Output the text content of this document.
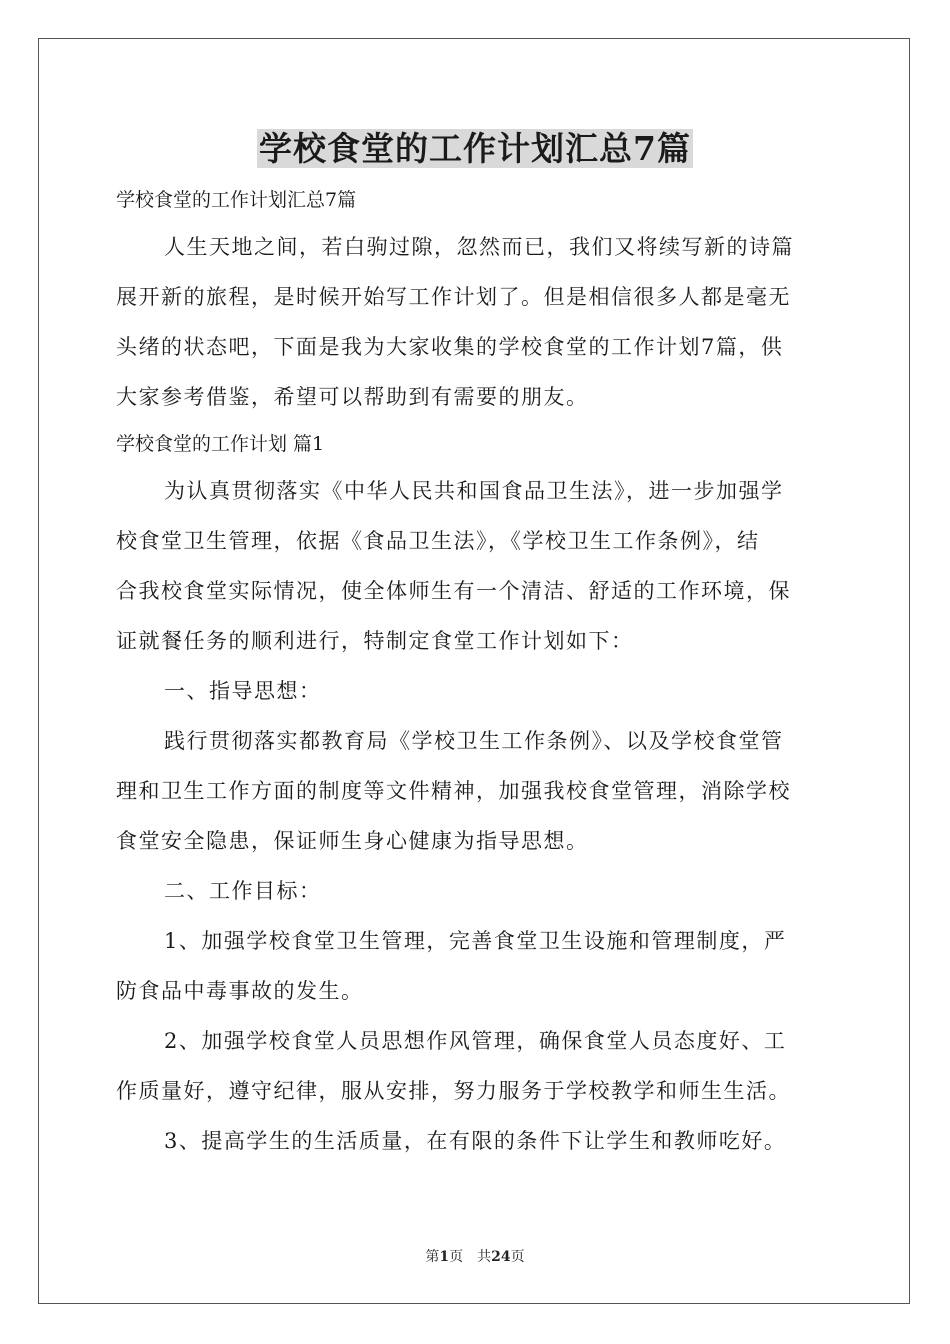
学校食堂的工作计划汇总7篇
学校食堂的工作计划汇总7篇
人生天地之间，若白驹过隙，忽然而已，我们又将续写新的诗篇
展开新的旅程，是时候开始写工作计划了。但是相信很多人都是毫无
头绪的状态吧，下面是我为大家收集的学校食堂的工作计划7篇，供
大家参考借鉴，希望可以帮助到有需要的朋友。
学校食堂的工作计划 篇1
为认真贯彻落实《中华人民共和国食品卫生法》，进一步加强学
校食堂卫生管理，依据《食品卫生法》，《学校卫生工作条例》，结
合我校食堂实际情况，使全体师生有一个清洁、舒适的工作环境，保
证就餐任务的顺利进行，特制定食堂工作计划如下：
一、指导思想：
践行贯彻落实都教育局《学校卫生工作条例》、以及学校食堂管
理和卫生工作方面的制度等文件精神，加强我校食堂管理，消除学校
食堂安全隐患，保证师生身心健康为指导思想。
二、工作目标：
1、加强学校食堂卫生管理，完善食堂卫生设施和管理制度，严
防食品中毒事故的发生。
2、加强学校食堂人员思想作风管理，确保食堂人员态度好、工
作质量好，遵守纪律，服从安排，努力服务于学校教学和师生生活。
3、提高学生的生活质量，在有限的条件下让学生和教师吃好。
第1页　共24页
